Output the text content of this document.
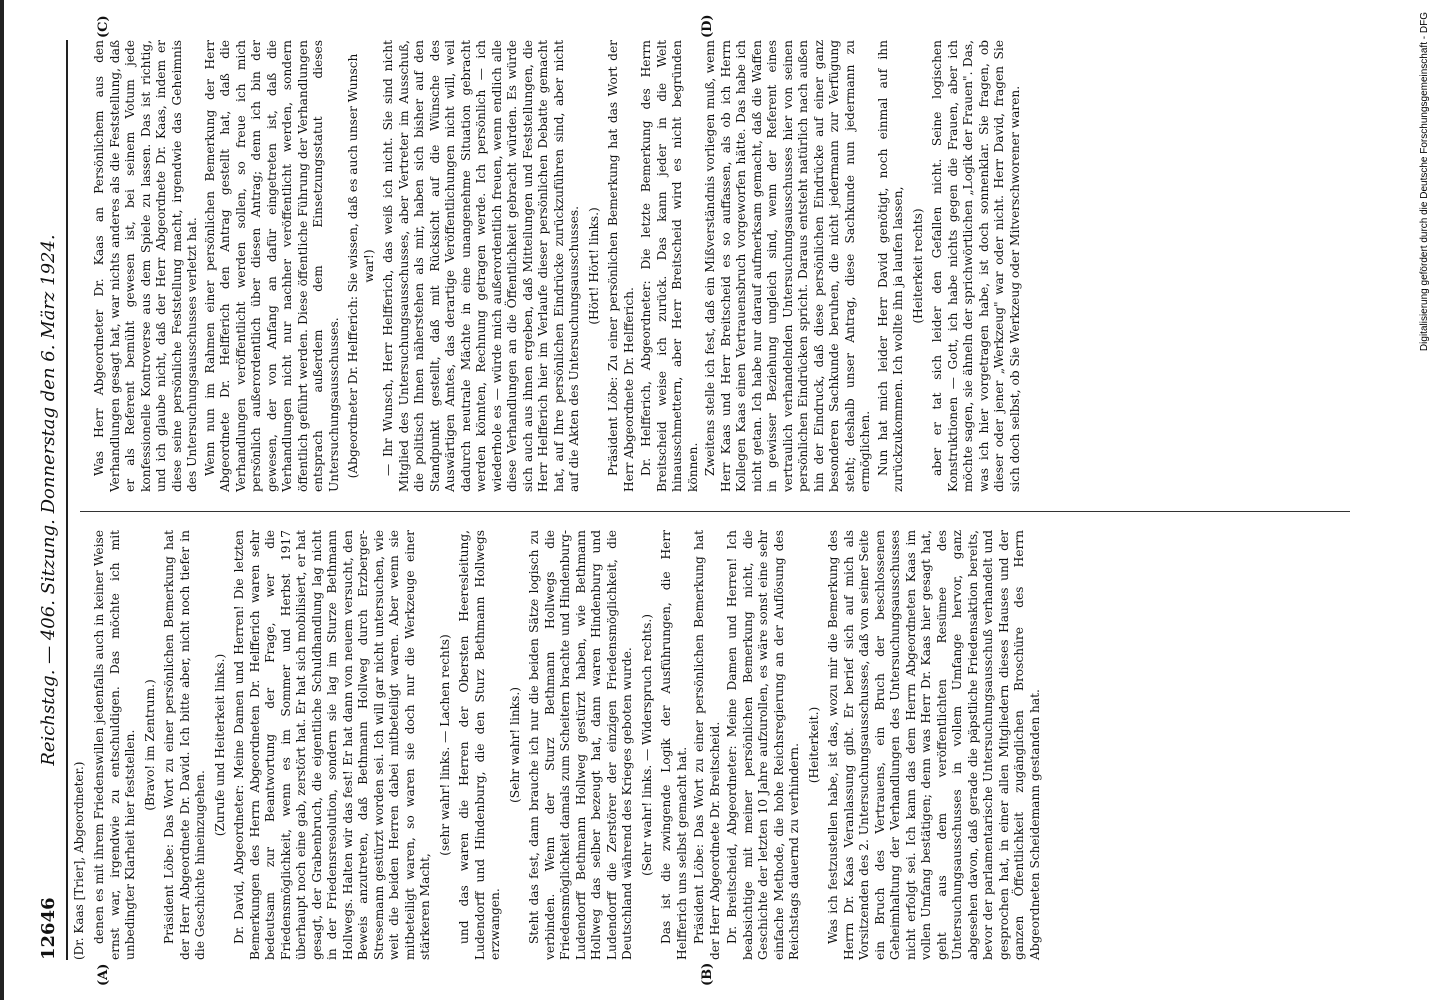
12646
Reichstag. — 406. Sitzung. Donnerstag den 6. März 1924.
(Dr. Kaas [Trier], Abgeordneter.)
(A)	(B)
(C)	(D)

denen es mit ihrem Friedenswillen jedenfalls auch in keiner Weise ernst war, irgendwie zu entschuldigen. Das möchte ich mit unbedingter Klarheit hier feststellen. (Bravo! im Zentrum.) Präsident Löbe: Das Wort zu einer persönlichen Bemerkung hat der Herr Abgeordnete Dr. David. Ich bitte aber, nicht noch tiefer in die Geschichte hineinzugehen.

(Zurufe und Heiterkeit links.) Dr. David, Abgeordneter: Meine Damen und Herren! Die letzten Bemerkungen des Herrn Abgeordneten Dr. Helfferich waren sehr bedeutsam zur Beantwortung der Frage, wer die Friedensmöglichkeit, wenn es im Sommer und Herbst 1917 überhaupt noch eine gab, zerstört hat. Er hat sich mobilisiert, er hat gesagt, der Grabenbruch, die eigentliche Schuldhandlung lag nicht in der Friedensresolution, sondern sie lag im Sturze Bethmann Hollwegs. Halten wir das fest! Er hat dann von neuem versucht, den Beweis anzutreten, daß Bethmann Hollweg durch Erzberger-Stresemann gestürzt worden sei. Ich will gar nicht untersuchen, wie weit die beiden Herren dabei mitbeteiligt waren. Aber wenn sie mitbeteiligt waren, so waren sie doch nur die Werkzeuge einer stärkeren Macht,

(sehr wahr! links. — Lachen rechts) und das waren die Herren der Obersten Heeresleitung, Ludendorff und Hindenburg, die den Sturz Bethmann Hollwegs erzwangen.

(Sehr wahr! links.) Steht das fest, dann brauche ich nur die beiden Sätze logisch zu verbinden. Wenn der Sturz Bethmann Hollwegs die Friedensmöglichkeit damals zum Scheitern brachte und Hindenburg-Ludendorff Bethmann Hollweg gestürzt haben, wie Bethmann Hollweg das selber bezeugt hat, dann waren Hindenburg und Ludendorff die Zerstörer der einzigen Friedensmöglichkeit, die Deutschland während des Krieges geboten wurde. (Sehr wahr! links. — Widerspruch rechts.) Das ist die zwingende Logik der Ausführungen, die Herr Helfferich uns selbst gemacht hat. Präsident Löbe: Das Wort zu einer persönlichen Bemerkung hat der Herr Abgeordnete Dr. Breitscheid. Dr. Breitscheid, Abgeordneter: Meine Damen und Herren! Ich beabsichtige mit meiner persönlichen Bemerkung nicht, die Geschichte der letzten 10 Jahre aufzurollen, es wäre sonst eine sehr einfache Methode, die hohe Reichsregierung an der Auflösung des Reichstags dauernd zu verhindern. (Heiterkeit.) Was ich festzustellen habe, ist das, wozu mir die Bemerkung des Herrn Dr. Kaas Veranlassung gibt. Er berief sich auf mich als Vorsitzenden des 2. Untersuchungsausschusses, daß von seiner Seite ein Bruch des Vertrauens, ein Bruch der beschlossenen Geheimhaltung der Verhandlungen des Untersuchungsausschusses nicht erfolgt sei. Ich kann das dem Herrn Abgeordneten Kaas im vollen Umfang bestätigen; denn was Herr Dr. Kaas hier gesagt hat, geht aus dem veröffentlichten Resümee des Untersuchungsausschusses in vollem Umfange hervor, ganz abgesehen davon, daß gerade die päpstliche Friedensaktion bereits, bevor der parlamentarische Untersuchungsausschuß verhandelt und gesprochen hat, in einer allen Mitgliedern dieses Hauses und der ganzen Öffentlichkeit zugänglichen Broschüre des Herrn Abgeordneten Scheidemann gestanden hat.

Was Herr Abgeordneter Dr. Kaas an Persönlichem aus den Verhandlungen gesagt hat, war nichts anderes als die Feststellung, daß er als Referent bemüht gewesen ist, bei seinem Votum jede konfessionelle Kontroverse aus dem Spiele zu lassen. Das ist richtig, und ich glaube nicht, daß der Herr Abgeordnete Dr. Kaas, indem er diese seine persönliche Feststellung macht, irgendwie das Geheimnis des Untersuchungsausschusses verletzt hat. Wenn nun im Rahmen einer persönlichen Bemerkung der Herr Abgeordnete Dr. Helfferich den Antrag gestellt hat, daß die Verhandlungen veröffentlicht werden sollen, so freue ich mich persönlich außerordentlich über diesen Antrag; denn ich bin der gewesen, der von Anfang an dafür eingetreten ist, daß die Verhandlungen nicht nur nachher veröffentlicht werden, sondern öffentlich geführt werden. Diese öffentliche Führung der Verhandlungen entsprach außerdem dem Einsetzungsstatut dieses Untersuchungsausschusses. (Abgeordneter Dr. Helfferich: Sie wissen, daß es auch unser Wunsch war!) — Ihr Wunsch, Herr Helfferich, das weiß ich nicht. Sie sind nicht Mitglied des Untersuchungsausschusses, aber Vertreter im Ausschuß, die politisch Ihnen näherstehen als mir, haben sich bisher auf den Standpunkt gestellt, daß mit Rücksicht auf die Wünsche des Auswärtigen Amtes, das derartige Veröffentlichungen nicht will, weil dadurch neutrale Mächte in eine unangenehme Situation gebracht werden könnten, Rechnung getragen werde. Ich persönlich — ich wiederhole es — würde mich außerordentlich freuen, wenn endlich alle diese Verhandlungen an die Öffentlichkeit gebracht würden. Es würde sich auch aus ihnen ergeben, daß Mitteilungen und Feststellungen, die Herr Helfferich hier im Verlaufe dieser persönlichen Debatte gemacht hat, auf Ihre persönlichen Eindrücke zurückzuführen sind, aber nicht auf die Akten des Untersuchungsausschusses. (Hört! Hört! links.) Präsident Löbe: Zu einer persönlichen Bemerkung hat das Wort der Herr Abgeordnete Dr. Helfferich. Dr. Helfferich, Abgeordneter: Die letzte Bemerkung des Herrn Breitscheid weise ich zurück. Das kann jeder in die Welt hinausschmettern, aber Herr Breitscheid wird es nicht begründen können. Zweitens stelle ich fest, daß ein Mißverständnis vorliegen muß, wenn Herr Kaas und Herr Breitscheid es so auffassen, als ob ich Herrn Kollegen Kaas einen Vertrauensbruch vorgeworfen hätte. Das habe ich nicht getan. Ich habe nur darauf aufmerksam gemacht, daß die Waffen in gewisser Beziehung ungleich sind, wenn der Referent eines vertraulich verhandelnden Untersuchungsausschusses hier von seinen persönlichen Eindrücken spricht. Daraus entsteht natürlich nach außen hin der Eindruck, daß diese persönlichen Eindrücke auf einer ganz besonderen Sachkunde beruhen, die nicht jedermann zur Verfügung steht; deshalb unser Antrag, diese Sachkunde nun jedermann zu ermöglichen. Nun hat mich leider Herr David genötigt, noch einmal auf ihn zurückzukommen. Ich wollte ihn ja laufen lassen, (Heiterkeit rechts) aber er tat sich leider den Gefallen nicht. Seine logischen Konstruktionen — Gott, ich habe nichts gegen die Frauen, aber ich möchte sagen, sie ähneln der sprichwörtlichen „Logik der Frauen". Das, was ich hier vorgetragen habe, ist doch sonnenklar. Sie fragen, ob dieser oder jener „Werkzeug" war oder nicht. Herr David, fragen Sie sich doch selbst, ob Sie Werkzeug oder Mitverschworener waren.	Digitalisierung gefördert durch die Deutsche Forschungsgemeinschaft - DFG
